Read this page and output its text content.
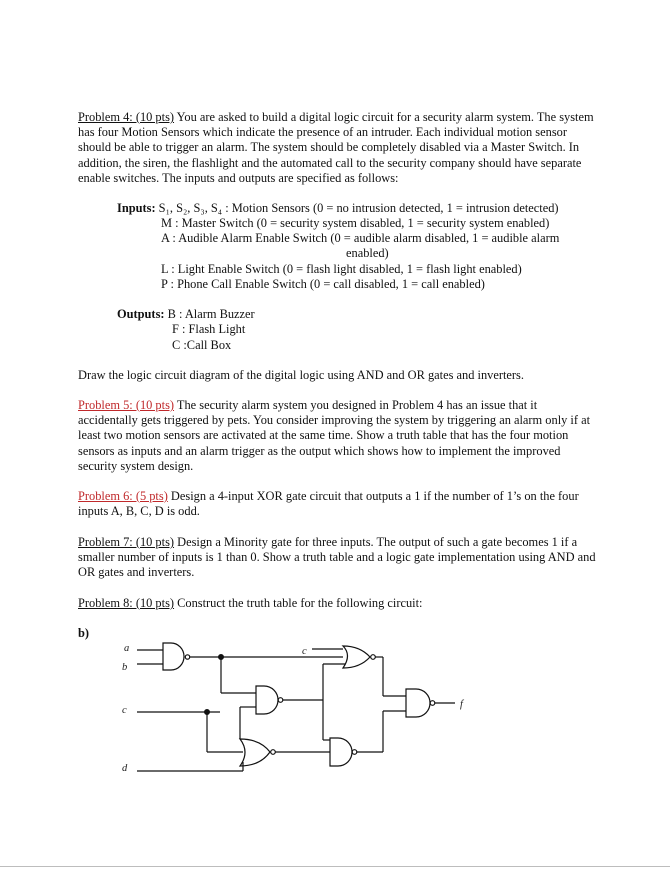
Problem 4: (10 pts) You are asked to build a digital logic circuit for a security alarm system. The system has four Motion Sensors which indicate the presence of an intruder. Each individual motion sensor should be able to trigger an alarm. The system should be completely disabled via a Master Switch. In addition, the siren, the flashlight and the automated call to the security company should have separate enable switches. The inputs and outputs are specified as follows:

Inputs: S₁, S₂, S₃, S₄ : Motion Sensors (0 = no intrusion detected, 1 = intrusion detected)
M : Master Switch (0 = security system disabled, 1 = security system enabled)
A : Audible Alarm Enable Switch (0 = audible alarm disabled, 1 = audible alarm
enabled)
L : Light Enable Switch (0 = flash light disabled, 1 = flash light enabled)
P : Phone Call Enable Switch (0 = call disabled, 1 = call enabled)
Outputs: B : Alarm Buzzer
F : Flash Light
C :Call Box

Draw the logic circuit diagram of the digital logic using AND and OR gates and inverters.

Problem 5: (10 pts) The security alarm system you designed in Problem 4 has an issue that it accidentally gets triggered by pets. You consider improving the system by triggering an alarm only if at least two motion sensors are activated at the same time. Show a truth table that has the four motion sensors as inputs and an alarm trigger as the output which shows how to implement the improved security system design.

Problem 6: (5 pts) Design a 4-input XOR gate circuit that outputs a 1 if the number of 1’s on the four inputs A, B, C, D is odd.

Problem 7: (10 pts) Design a Minority gate for three inputs. The output of such a gate becomes 1 if a smaller number of inputs is 1 than 0. Show a truth table and a logic gate implementation using AND and OR gates and inverters.

Problem 8: (10 pts) Construct the truth table for the following circuit:

b)
a
b
c
d
c
f
